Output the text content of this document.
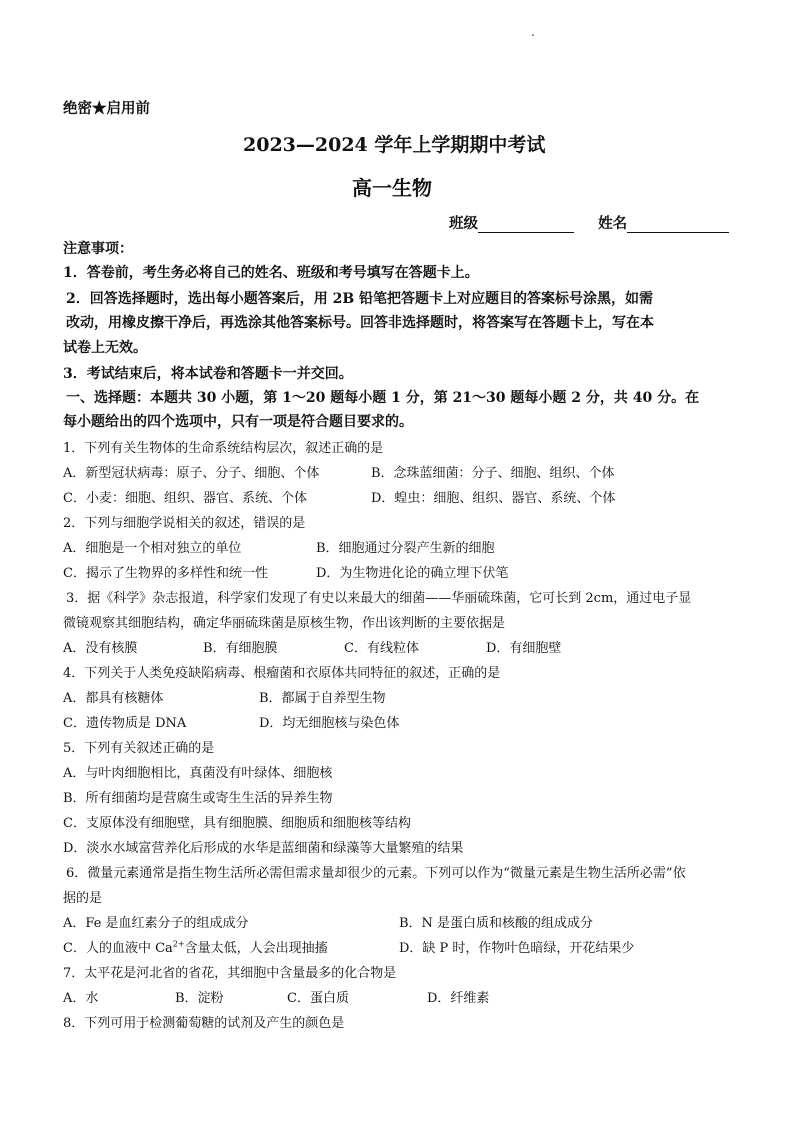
绝密★启用前
2023—2024 学年上学期期中考试
高一生物
班级	姓名
注意事项：
1．答卷前，考生务必将自己的姓名、班级和考号填写在答题卡上。
2．回答选择题时，选出每小题答案后，用 2B 铅笔把答题卡上对应题目的答案标号涂黑，如需
改动，用橡皮擦干净后，再选涂其他答案标号。回答非选择题时，将答案写在答题卡上，写在本
试卷上无效。
3．考试结束后，将本试卷和答题卡一并交回。
一、选择题：本题共 30 小题，第 1～20 题每小题 1 分，第 21～30 题每小题 2 分，共 40 分。在
每小题给出的四个选项中，只有一项是符合题目要求的。
1．下列有关生物体的生命系统结构层次，叙述正确的是
A．新型冠状病毒：原子、分子、细胞、个体	B．念珠蓝细菌：分子、细胞、组织、个体
C．小麦：细胞、组织、器官、系统、个体	D．蝗虫：细胞、组织、器官、系统、个体
2．下列与细胞学说相关的叙述，错误的是
A．细胞是一个相对独立的单位	B．细胞通过分裂产生新的细胞
C．揭示了生物界的多样性和统一性	D．为生物进化论的确立埋下伏笔
3．据《科学》杂志报道，科学家们发现了有史以来最大的细菌——华丽硫珠菌，它可长到 2cm，通过电子显
微镜观察其细胞结构，确定华丽硫珠菌是原核生物，作出该判断的主要依据是
A．没有核膜	B．有细胞膜	C．有线粒体	D．有细胞壁
4．下列关于人类免疫缺陷病毒、根瘤菌和衣原体共同特征的叙述，正确的是
A．都具有核糖体	B．都属于自养型生物
C．遗传物质是 DNA	D．均无细胞核与染色体
5．下列有关叙述正确的是
A．与叶肉细胞相比，真菌没有叶绿体、细胞核
B．所有细菌均是营腐生或寄生生活的异养生物
C．支原体没有细胞壁，具有细胞膜、细胞质和细胞核等结构
D．淡水水域富营养化后形成的水华是蓝细菌和绿藻等大量繁殖的结果
6．微量元素通常是指生物生活所必需但需求量却很少的元素。下列可以作为“微量元素是生物生活所必需”依
据的是
A．Fe 是血红素分子的组成成分	B．N 是蛋白质和核酸的组成成分
C．人的血液中 $Ca^{2+}$含量太低，人会出现抽搐	D．缺 P 时，作物叶色暗绿，开花结果少
7．太平花是河北省的省花，其细胞中含量最多的化合物是
A．水	B．淀粉	C．蛋白质	D．纤维素
8．下列可用于检测葡萄糖的试剂及产生的颜色是
